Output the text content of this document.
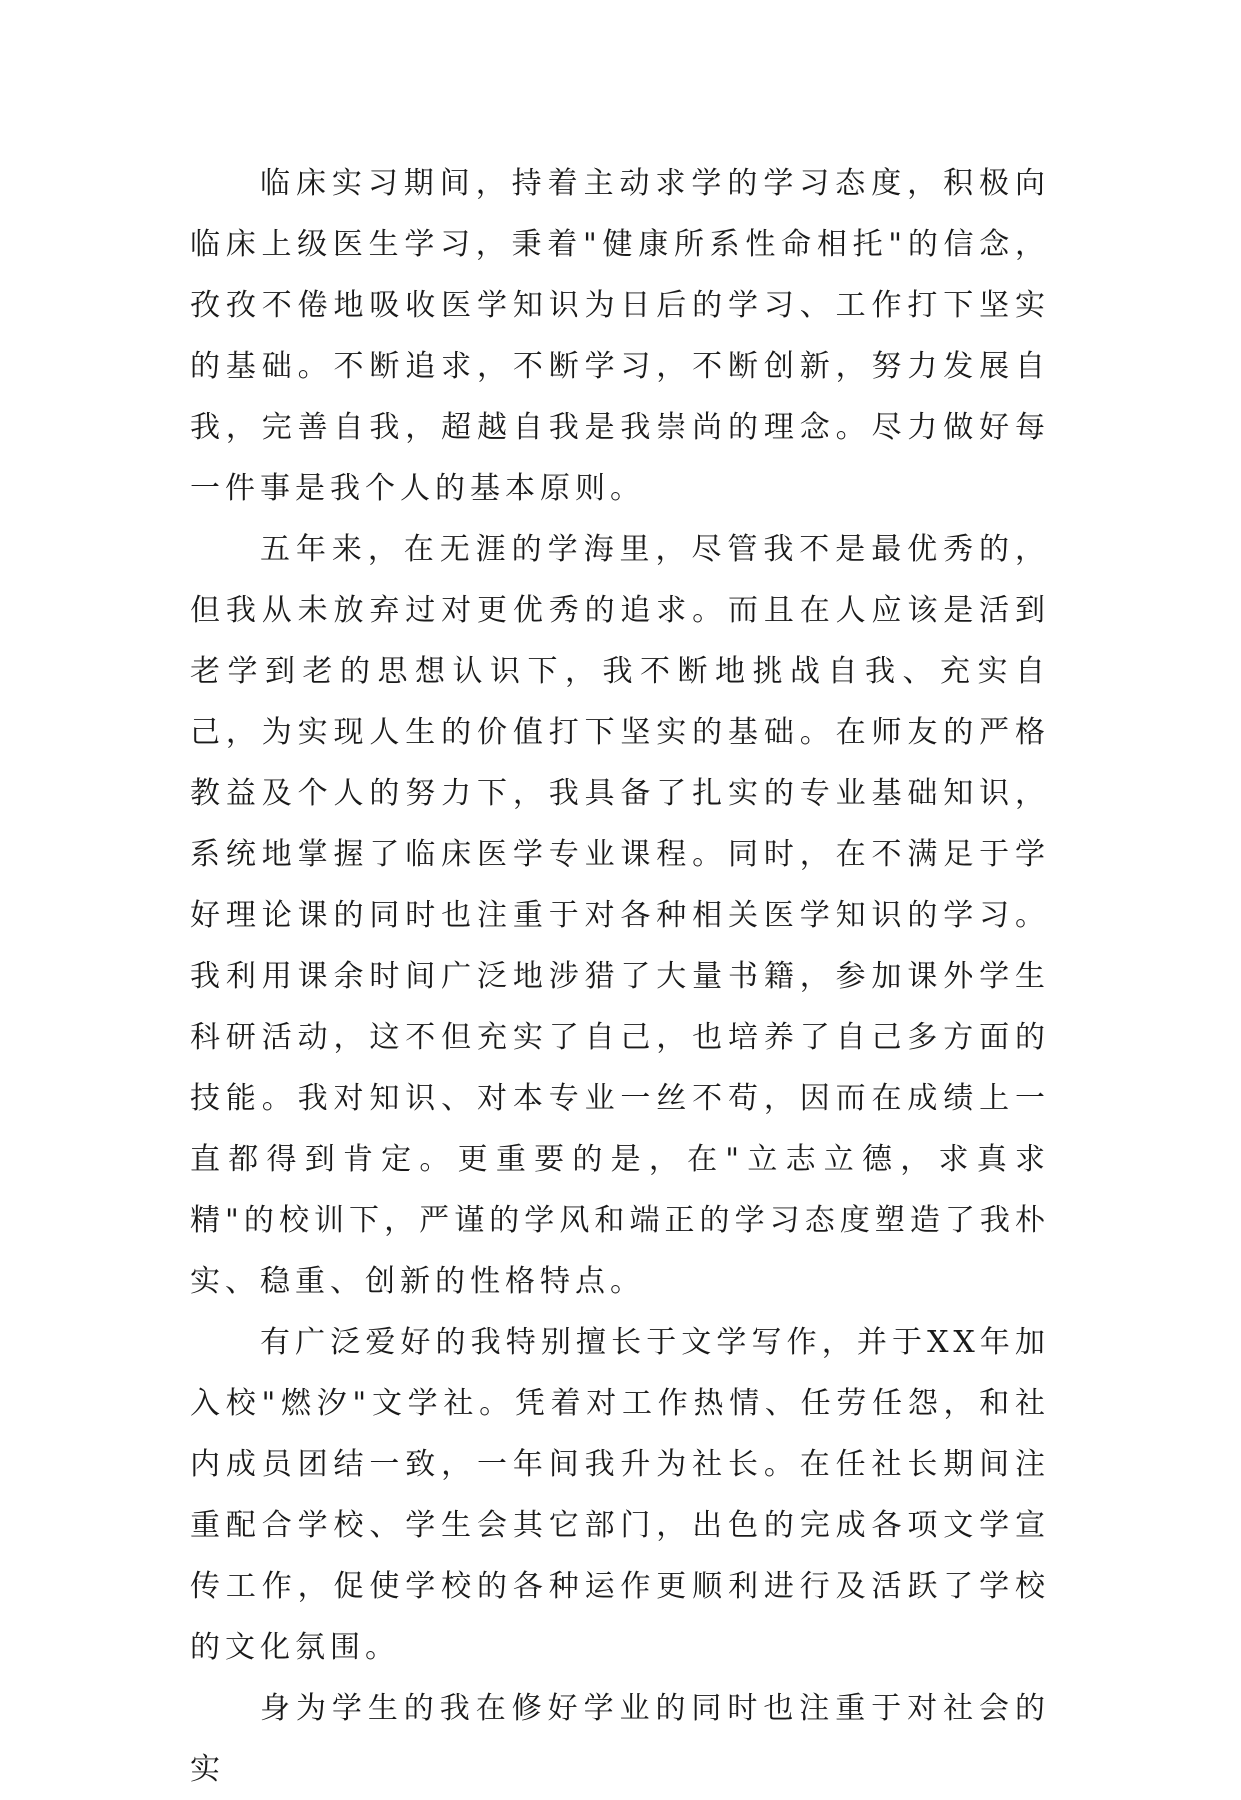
临床实习期间，持着主动求学的学习态度，积极向临床上级医生学习，秉着"健康所系性命相托"的信念，孜孜不倦地吸收医学知识为日后的学习、工作打下坚实的基础。不断追求，不断学习，不断创新，努力发展自我，完善自我，超越自我是我崇尚的理念。尽力做好每一件事是我个人的基本原则。

五年来，在无涯的学海里，尽管我不是最优秀的，但我从未放弃过对更优秀的追求。而且在人应该是活到老学到老的思想认识下，我不断地挑战自我、充实自己，为实现人生的价值打下坚实的基础。在师友的严格教益及个人的努力下，我具备了扎实的专业基础知识，系统地掌握了临床医学专业课程。同时，在不满足于学好理论课的同时也注重于对各种相关医学知识的学习。我利用课余时间广泛地涉猎了大量书籍，参加课外学生科研活动，这不但充实了自己，也培养了自己多方面的技能。我对知识、对本专业一丝不苟，因而在成绩上一直都得到肯定。更重要的是，在"立志立德，求真求精"的校训下，严谨的学风和端正的学习态度塑造了我朴实、稳重、创新的性格特点。

有广泛爱好的我特别擅长于文学写作，并于XX年加入校"燃汐"文学社。凭着对工作热情、任劳任怨，和社内成员团结一致，一年间我升为社长。在任社长期间注重配合学校、学生会其它部门，出色的完成各项文学宣传工作，促使学校的各种运作更顺利进行及活跃了学校的文化氛围。

身为学生的我在修好学业的同时也注重于对社会的实
